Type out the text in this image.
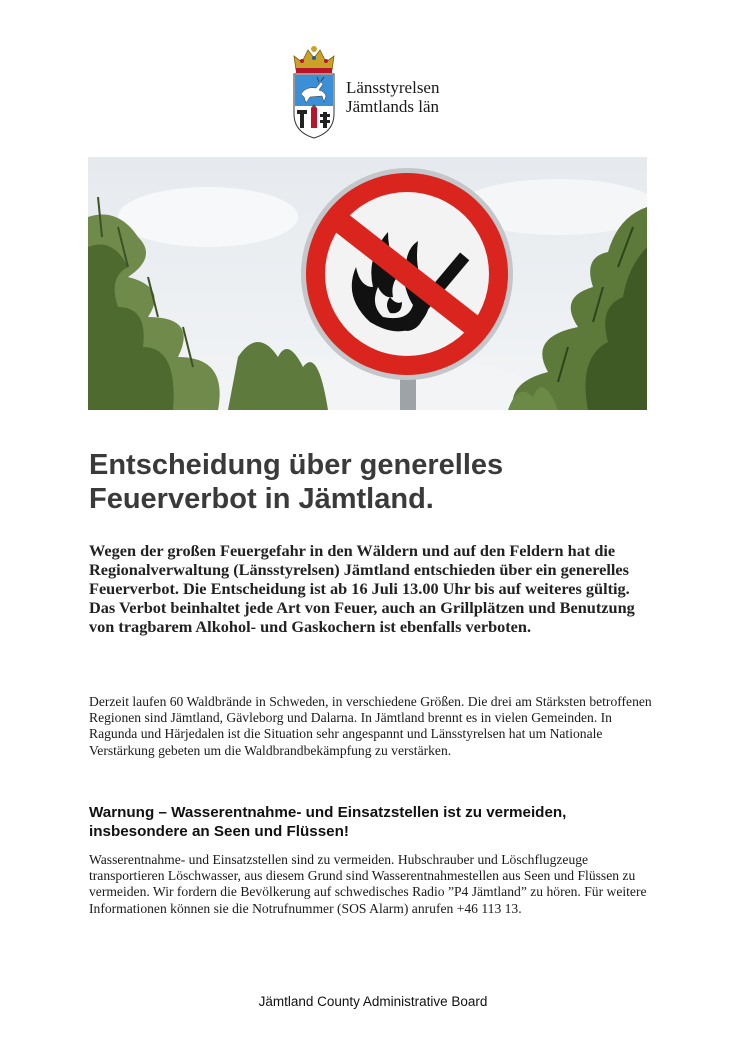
Länsstyrelsen
Jämtlands län
Entscheidung über generelles
Feuerverbot in Jämtland.

Wegen der großen Feuergefahr in den Wäldern und auf den Feldern hat die Regionalverwaltung (Länsstyrelsen) Jämtland entschieden über ein generelles Feuerverbot. Die Entscheidung ist ab 16 Juli 13.00 Uhr bis auf weiteres gültig. Das Verbot beinhaltet jede Art von Feuer, auch an Grillplätzen und Benutzung von tragbarem Alkohol- und Gaskochern ist ebenfalls verboten.

Derzeit laufen 60 Waldbrände in Schweden, in verschiedene Größen. Die drei am Stärksten betroffenen Regionen sind Jämtland, Gävleborg und Dalarna. In Jämtland brennt es in vielen Gemeinden. In Ragunda und Härjedalen ist die Situation sehr angespannt und Länsstyrelsen hat um Nationale Verstärkung gebeten um die Waldbrandbekämpfung zu verstärken.

Warnung – Wasserentnahme- und Einsatzstellen ist zu vermeiden, insbesondere an Seen und Flüssen!

Wasserentnahme- und Einsatzstellen sind zu vermeiden. Hubschrauber und Löschflugzeuge transportieren Löschwasser, aus diesem Grund sind Wasserentnahmestellen aus Seen und Flüssen zu vermeiden. Wir fordern die Bevölkerung auf schwedisches Radio ”P4 Jämtland” zu hören. Für weitere Informationen können sie die Notrufnummer (SOS Alarm) anrufen +46 113 13.

Jämtland County Administrative Board
